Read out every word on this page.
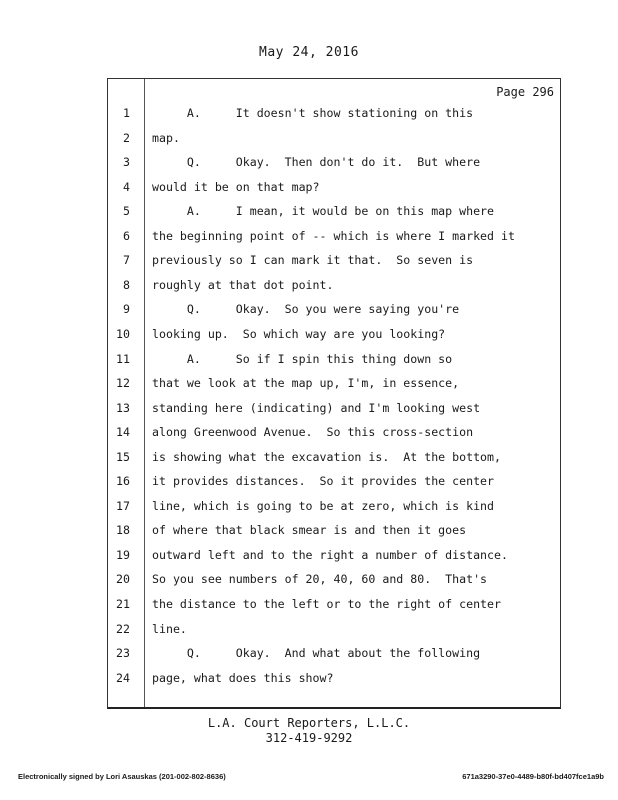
May 24, 2016
Page 296
1 A.     It doesn't show stationing on this
2 map.
3 Q.     Okay.  Then don't do it.  But where
4 would it be on that map?
5 A.     I mean, it would be on this map where
6 the beginning point of -- which is where I marked it
7 previously so I can mark it that.  So seven is
8 roughly at that dot point.
9 Q.     Okay.  So you were saying you're
10 looking up.  So which way are you looking?
11 A.     So if I spin this thing down so
12 that we look at the map up, I'm, in essence,
13 standing here (indicating) and I'm looking west
14 along Greenwood Avenue.  So this cross-section
15 is showing what the excavation is.  At the bottom,
16 it provides distances.  So it provides the center
17 line, which is going to be at zero, which is kind
18 of where that black smear is and then it goes
19 outward left and to the right a number of distance.
20 So you see numbers of 20, 40, 60 and 80.  That's
21 the distance to the left or to the right of center
22 line.
23 Q.     Okay.  And what about the following
24 page, what does this show?
L.A. Court Reporters, L.L.C.
312-419-9292
Electronically signed by Lori Asauskas (201-002-802-8636)	671a3290-37e0-4489-b80f-bd407fce1a9b
